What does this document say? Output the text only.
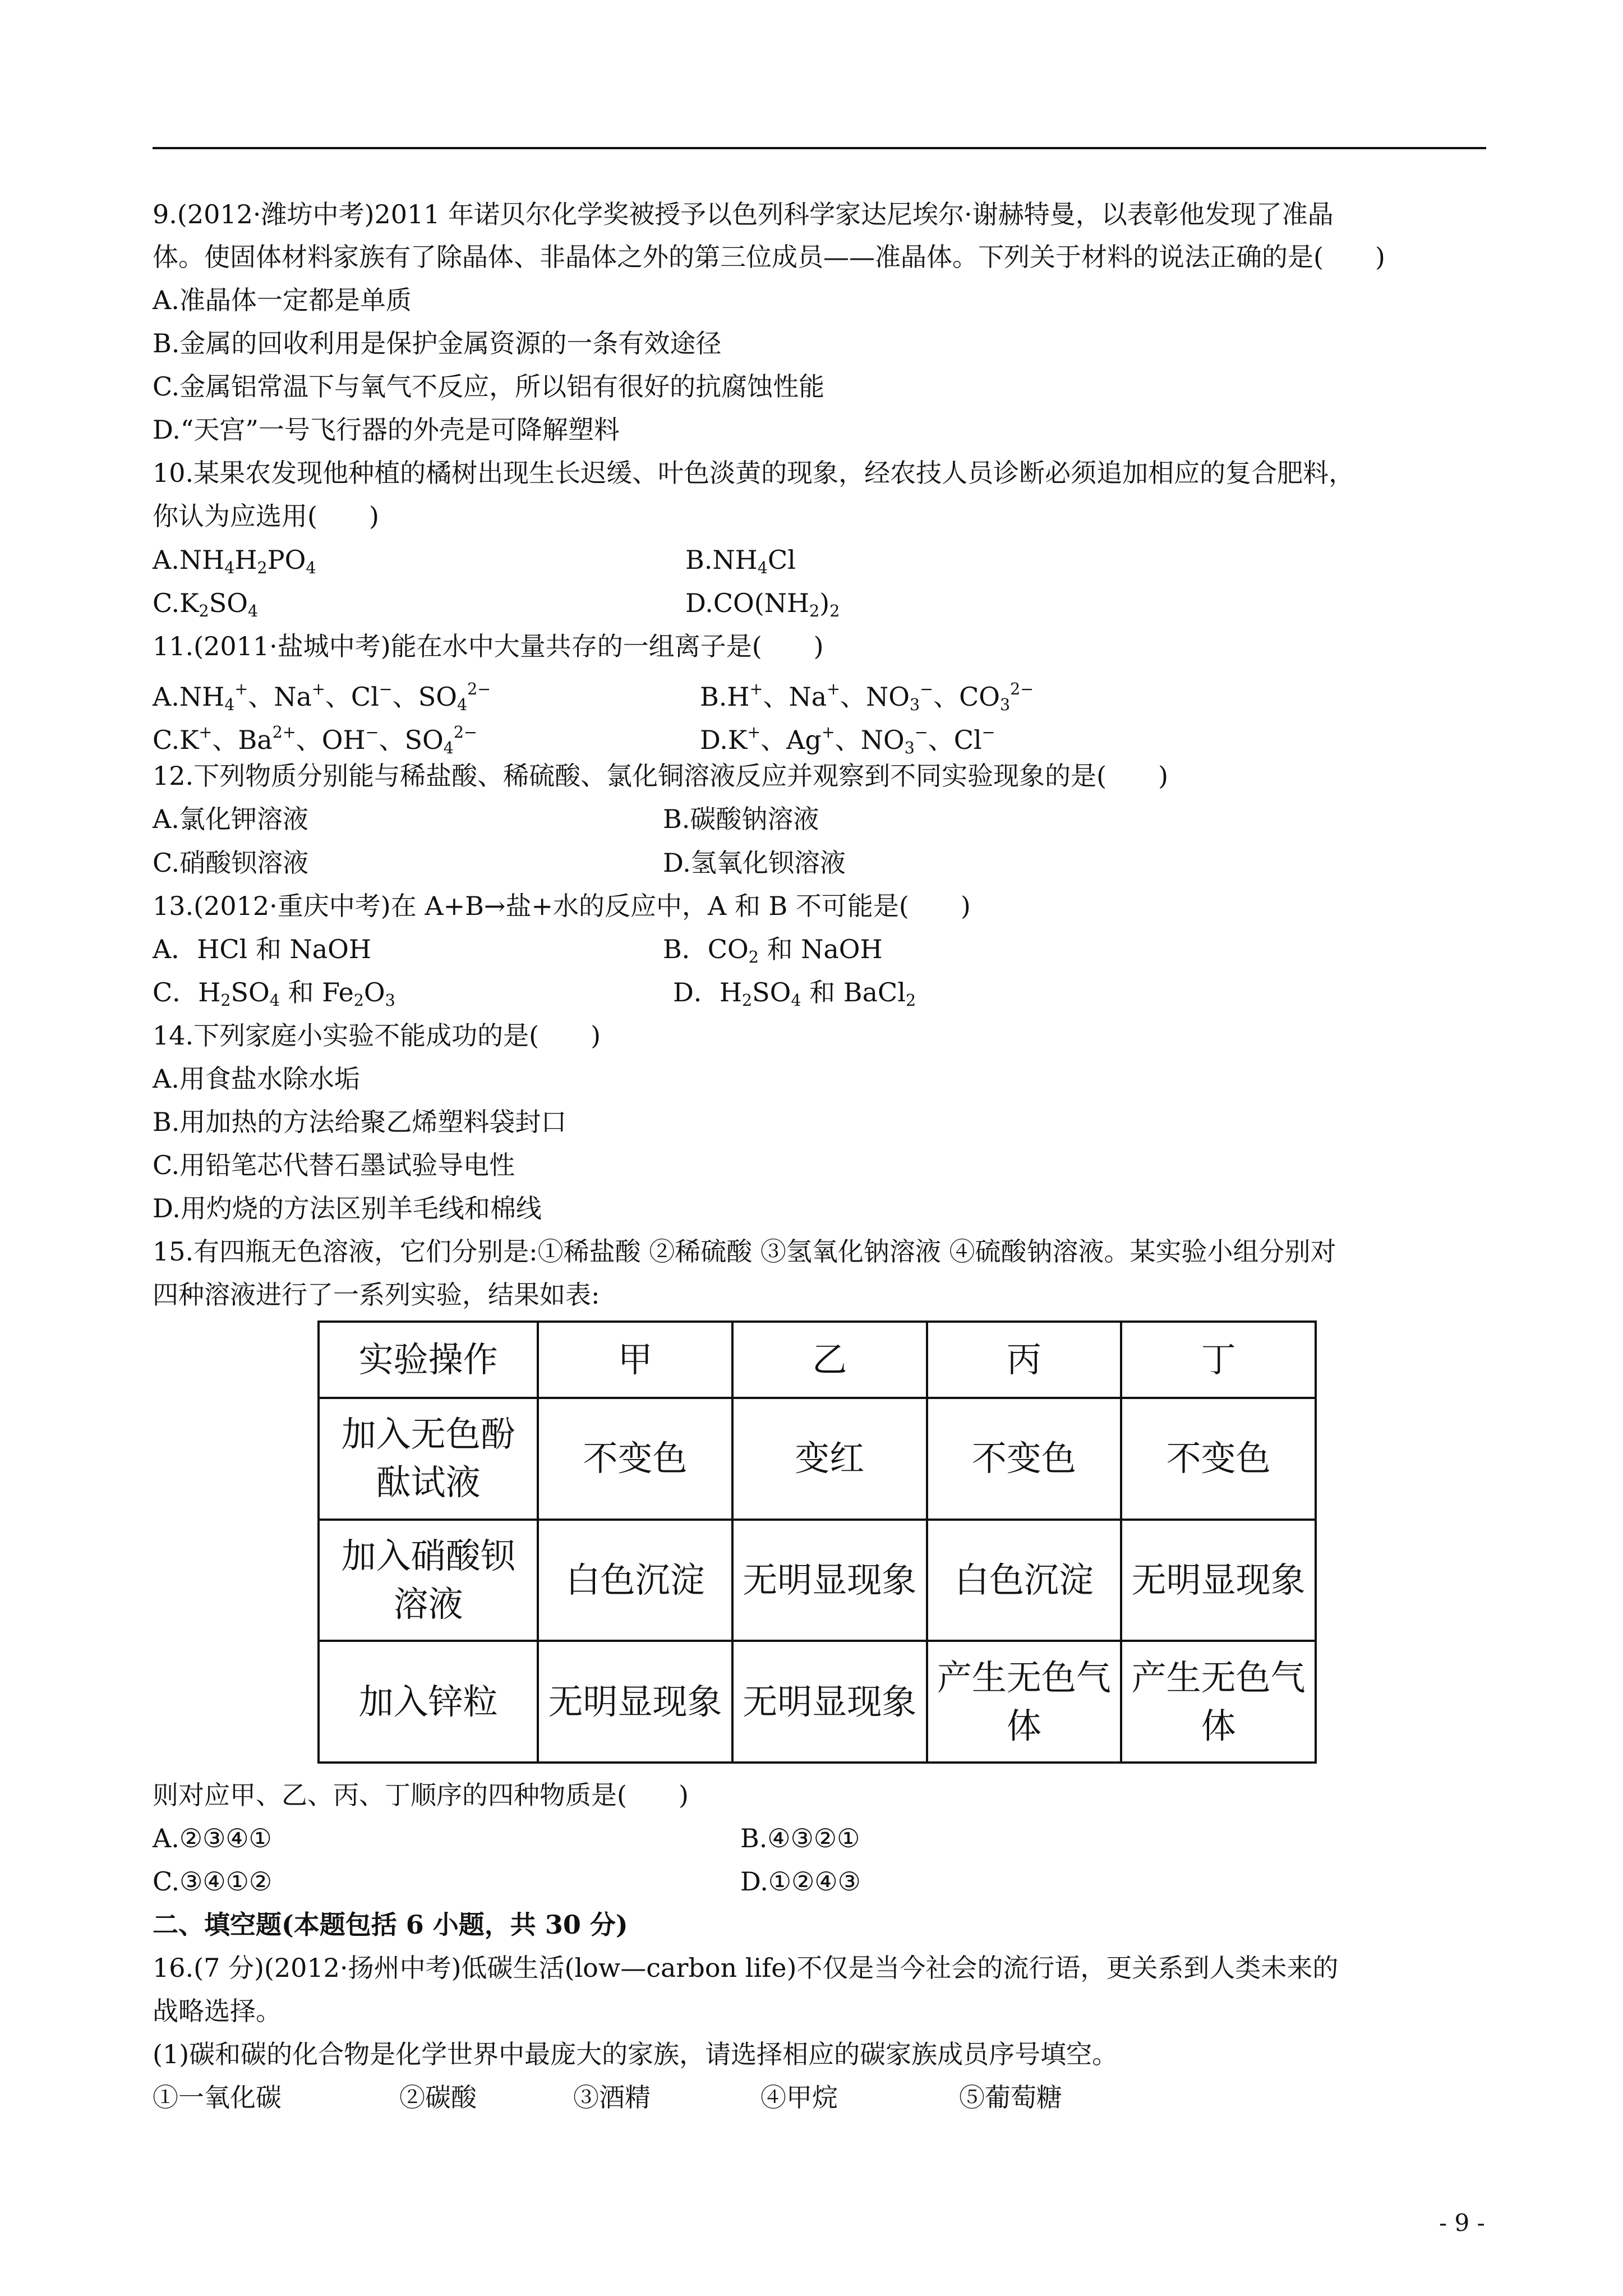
9.(2012·潍坊中考)2011 年诺贝尔化学奖被授予以色列科学家达尼埃尔·谢赫特曼，以表彰他发现了准晶
体。使固体材料家族有了除晶体、非晶体之外的第三位成员——准晶体。下列关于材料的说法正确的是(　　)
A.准晶体一定都是单质
B.金属的回收利用是保护金属资源的一条有效途径
C.金属铝常温下与氧气不反应，所以铝有很好的抗腐蚀性能
D.“天宫”一号飞行器的外壳是可降解塑料
10.某果农发现他种植的橘树出现生长迟缓、叶色淡黄的现象，经农技人员诊断必须追加相应的复合肥料，
你认为应选用(　　)
$A.NH_4H_2PO_4$	$B.NH_4Cl$
$C.K_2SO_4$	$D.CO(NH_2)_2$
11.(2011·盐城中考)能在水中大量共存的一组离子是(　　)
$A.NH_4^+$、Na+、Cl−、$SO_4^{2-}$	B.H+、Na+、$NO_3^-$、$CO_3^{2-}$
C.K+、$Ba^{2+}$、OH−、$SO_4^{2-}$	D.K+、Ag+、$NO_3^-$、Cl−
12.下列物质分别能与稀盐酸、稀硫酸、氯化铜溶液反应并观察到不同实验现象的是(　　)
A.氯化钾溶液	B.碳酸钠溶液
C.硝酸钡溶液	D.氢氧化钡溶液
13.(2012·重庆中考)在 A+B→盐+水的反应中，A 和 B 不可能是(　　)
A．HCl 和 NaOH	B．$CO_2$ 和 NaOH
C．$H_2SO_4$ 和 $Fe_2O_3$	D．$H_2SO_4$ 和 BaCl$_2$
14.下列家庭小实验不能成功的是(　　)
A.用食盐水除水垢
B.用加热的方法给聚乙烯塑料袋封口
C.用铅笔芯代替石墨试验导电性
D.用灼烧的方法区别羊毛线和棉线
15.有四瓶无色溶液，它们分别是:①稀盐酸 ②稀硫酸 ③氢氧化钠溶液 ④硫酸钠溶液。某实验小组分别对
四种溶液进行了一系列实验，结果如表:
实验操作	甲	乙	丙	丁
加入无色酚酞试液	不变色	变红	不变色	不变色
加入硝酸钡溶液	白色沉淀	无明显现象	白色沉淀	无明显现象
加入锌粒	无明显现象	无明显现象	产生无色气体	产生无色气体
则对应甲、乙、丙、丁顺序的四种物质是(　　)
A.②③④①	B.④③②①
C.③④①②	D.①②④③
二、填空题(本题包括 6 小题，共 30 分)
16.(7 分)(2012·扬州中考)低碳生活(low—carbon life)不仅是当今社会的流行语，更关系到人类未来的
战略选择。
(1)碳和碳的化合物是化学世界中最庞大的家族，请选择相应的碳家族成员序号填空。
①一氧化碳	②碳酸	③酒精	④甲烷	⑤葡萄糖
- 9 -
